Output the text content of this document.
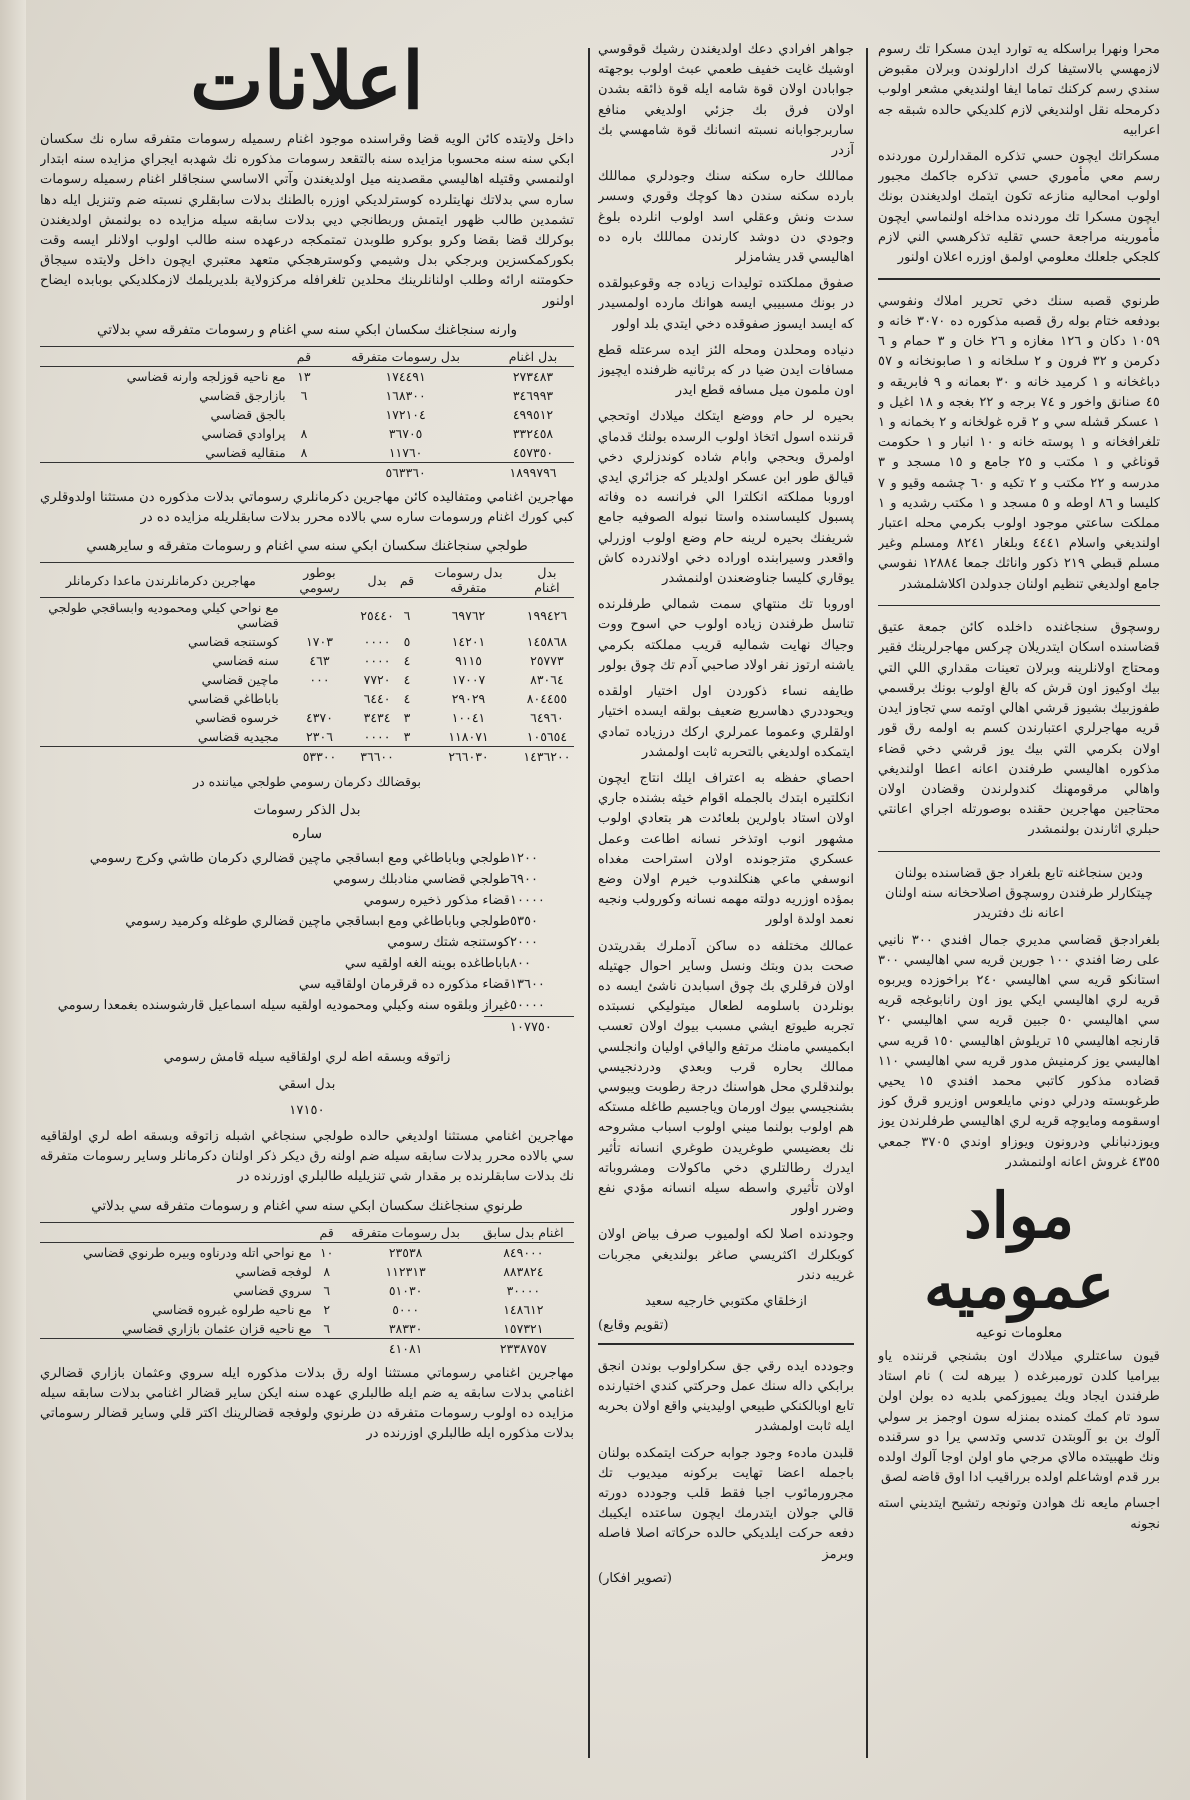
محرا ونهرا براسكله يه توارد ايدن مسكرا تك رسوم لازمهسي بالاستيفا كرك ادارلوندن وبرلان مقبوض سندي رسم كركنك تماما ايفا اولنديغي مشعر اولوب دكرمحله نقل اولنديغي لازم كلديكي حالده شبقه جه اعرابيه

مسكراتك ايچون حسي تذكره المقدارلرن موردنده رسم معي مأموري حسي تذكره جاكمك مجبور اولوب امحاليه منازعه تكون ايتمك اولديغندن بونك ايچون مسكرا تك موردنده مداخله اولنماسي ايچون مأمورينه مراجعة حسي تقليه تذكرهسي الني لازم كلجكي جلعلك معلومي اولمق اوزره اعلان اولنور

طرنوي قصبه سنك دخي تحرير املاك ونفوسي بودفعه ختام بوله رق قصبه مذكوره ده ٣٠٧٠ خانه و ١٠٥٩ دكان و ١٢٦ مغازه و ٢٦ خان و ٣ حمام و ٦ دكرمن و ٣٢ فرون و ٢ سلخانه و ١ صابونخانه و ٥٧ دباغخانه و ١ كرميد خانه و ٣٠ بعمانه و ٩ فابريقه و ٤٥ صنانق واخور و ٧٤ برجه و ٢٢ بغجه و ١٨ اغيل و ١ عسكر قشله سي و ٢ قره غولخانه و ٢ بخمانه و ١ تلغرافخانه و ١ پوسته خانه و ١٠ انبار و ١ حكومت قوناغي و ١ مكتب و ٢٥ جامع و ١٥ مسجد و ٣ مدرسه و ٢٢ مكتب و ٢ تكيه و ٦٠ چشمه وقيو و ٧ كليسا و ٨٦ اوطه و ٥ مسجد و ١ مكتب رشديه و ١ مملكت ساعتي موجود اولوب بكرمي محله اعتبار اولنديغي واسلام ٤٤٤١ وبلغار ٨٢٤١ ومسلم وغير مسلم قبطي ٢١٩ ذكور واناثك جمعا ١٢٨٨٤ نفوسي جامع اولديغي تنظيم اولنان جدولدن اكلاشلمشدر

روسچوق سنجاغنده داخلده كائن جمعة عتيق قضاسنده اسكان ايتدريلان چركس مهاجرلرينك فقير ومحتاج اولانلرينه وبرلان تعينات مقداري اللي التي بيك اوكيوز اون قرش كه بالغ اولوب بونك برقسمي طفوزبيك بشيوز قرشي اهالي اوتمه سي تجاوز ايدن قريه مهاجرلري اعتبارندن كسم به اولمه رق قور اولان بكرمي التي بيك يوز قرشي دخي قضاء مذكوره اهاليسي طرفندن اعانه اعطا اولنديغي واهالي مرقومهنك كندولرندن وقضادن اولان محتاجين مهاجرين حقنده بوصورتله اجراي اعانتي حبلري اثارندن بولنمشدر

ودين سنجاغنه تابع بلغراد جق قضاسنده بولنان چيتكارلر طرفندن روسچوق اصلاحخانه سنه اولنان اعانه نك دفتريدر

بلغرادجق قضاسي مديري جمال افندي ٣٠٠ نانيي على رضا افندي ١٠٠ جورين قريه سي اهاليسي ٣٠٠ استانكو قريه سي اهاليسي ٢٤٠ براخوزده ويربوه قريه لري اهاليسي ايكي يوز اون رانابوغجه قريه سي اهاليسي ٥٠ جبين قريه سي اهاليسي ٢٠ قارنجه اهاليسي ١٥ تريلوش اهاليسي ١٥٠ قريه سي اهاليسي يوز كرمنيش مدور قريه سي اهاليسي ١١٠ قضاده مذكور كاتبي محمد افندي ١٥ يحيي طرغوبسته ودرلي دوني مايلعوس اوزيرو قرق كوز اوسقومه ومايوچه قريه لري اهاليسي طرفلرندن يوز ويوزدنبانلي ودرونون ويوزاو اوندي ٣٧٠٥ جمعي ٤٣٥٥ غروش اعانه اولنمشدر

مواد عموميه
معلومات نوعيه

قيون ساعتلري ميلادك اون بشنجي قرننده ياو بيراميا كلدن تورمبرغده ( بيرهه لت ) نام استاد طرفندن ايجاد ويك يميوزكمي بلديه ده بولن اولن سود تام كمك كمنده بمنزله سون اوجمز بر سولي آلوك بن بو آلوبتدن تدسي وتدسي يرا دو سرقنده ونك طهبيتده مالاي مرجي ماو اولن اوجا آلوك اولده برر قدم اوشاعلم اولده برراقيب ادا اوق قاضه لصق

اجسام مايعه نك هوادن وتونجه رتشيح ايتديني استه نجونه

جواهر افرادي دعك اولديغندن رشيك قوقوسي اوشيك غايت خفيف طعمي عبث اولوب بوجهته جوابادن اولان قوة شامه ايله قوة ذائقه بشدن اولان فرق بك جزئي اولديغي منافع ساربرجوابانه نسبته انسانك قوة شامهسي بك آزدر

مماللك حاره سكنه سنك وجودلري مماللك بارده سكنه سندن دها كوچك وقوري وسسر سدت ونش وعقلي اسد اولوب انلرده بلوغ وجودي دن دوشد كارندن مماللك باره ده اهاليسي قدر يشامزلر

صفوق مملكتده توليدات زياده جه وقوعبولقده در بونك مسبيبي ايسه هوانك مارده اولمسيدر كه ايسد ايسوز صفوقده دخي ايتدي بلد اولور

دنياده ومحلدن ومحله الئز ايده سرعتله قطع مسافات ايدن ضيا در كه برثانيه ظرفنده ايچيوز اون ملمون ميل مسافه قطع ايدر

بحيره لر حام ووضع ايتكك ميلادك اوتحجي قرننده اسول اتخاذ اولوب الرسده بولنك قدماي اولمرق وبحجي وابام شاده كوندزلري دخي قيالق طور ابن عسكر اولديلر كه جزائري ايدي اوروبا مملكته انكلترا الي فرانسه ده وفاته پسبول كليساسنده واستا نبوله الصوفيه جامع شريفنك بحيره لرينه حام وضع اولوب اوزرلي واقعدر وسيرابنده اوراده دخي اولاندرده كاش يوقاري كليسا جناوضعندن اولنمشدر

اوروبا تك منتهاي سمت شمالي طرفلرنده تناسل طرفندن زياده اولوب حي اسوح ووت وجياك نهايت شماليه قريب مملكته بكرمي ياشنه ارتوز نفر اولاد صاحبي آدم تك چوق بولور

طايفه نساء ذكوردن اول اختيار اولقده ويحوددري دهاسريع ضعيف بولقه ايسده اختيار اولقلري وعموما عمرلري اركك درزياده تمادي ايتمكده اولديغي بالتحربه ثابت اولمشدر

احصاي حفظه به اعتراف ايلك انتاج ايچون انكلتيره ابتدك بالجمله اقوام خيثه بشنده جاري اولان استاد باولرين بلعائدت هر بتعادي اولوب مشهور انوب اوتذخر نسانه اطاعت وعمل عسكري متزجونده اولان استراحت مغداه انوسفي ماعي هنكلندوب خيرم اولان وضع بمؤده اوزريه دولته مهمه نسانه وكورولب ونجيه نعمد اولدة اولور

عمالك مختلفه ده ساكن آدملرك بقدريتدن صحت بدن وبتك ونسل وساير احوال جهتيله اولان فرقلري بك چوق اسبابدن ناشئ ايسه ده بونلردن باسلومه لطعال ميتوليكي نسبتده تجربه طيوتع ايشي مسبب بيوك اولان تعسب ابكميسي مامنك مرتفع واليافي اوليان وانجلسي ممالك بحاره قرب وبعدي ودردنجيسي بولندقلري محل هواسنك درجة رطوبت ويبوسي بشنجيسي بيوك اورمان وياجسيم طاغله مستکه هم اولوب بولنما ميني اولوب اسباب مشروحه نك بعضيسي طوغريدن طوغري انسانه تأثير ايدرك رطالتلري دخي ماكولات ومشروباته اولان تأثيري واسطه سيله انسانه مؤدي نفع وضرر اولور

وجودنده اصلا لكه اولميوب صرف بياض اولان كوبكلرك اكثريسي صاغر بولنديغي مجربات غريبه دندر

ازخلقاي مكتوبي خارجيه سعيد

(تقويم وقايع)

وجودده ايده رقي جق سكراولوب بوندن انجق برابكي داله سنك عمل وحركتي كندي اختيارنده تابع اوبالكنكي طبيعي اوليديني واقع اولان بحربه ايله ثابت اولمشدر

قلبدن مادهء وجود جوابه حركت ايتمكده بولنان باجمله اعضا تهايت بركونه ميديوب تك مجرورمائوب اجبا فقط قلب وجودده دورته قالي جولان ايتدرمك ايچون ساعتده ايكيبك دفعه حركت ايلديكي حالده حركاته اصلا فاصله وبرمز

(تصوير افكار)
اعلانات

داخل ولايتده كائن الويه قضا وقراسنده موجود اغنام رسميله رسومات متفرقه ساره نك سكسان ابكي سنه سنه محسوبا مزايده سنه بالتقعد رسومات مذكوره نك شهدبه ايجراي مزايده سنه ابتدار اولنمسي وقتيله اهاليسي مقصدينه ميل اولديغندن وآتي الاساسي سنجاقلر اغنام رسميله رسومات ساره سي بدلاتك نهايتلرده كوسترلديكي اوزره بالطنك بدلات سابقلري نسبته ضم وتنزيل ايله دها تشمدين طالب ظهور ايتمش وربطانجي ديي بدلات سابقه سيله مزايده ده بولنمش اولديغندن بوكرلك قضا بقضا وكرو بوكرو طلوبدن تمتمكجه درعهده سنه طالب اولوب اولانلر ايسه وقت بكوركمكسزين وبرجكي بدل وشيمي وكوسترهجكي متعهد معتبري ايچون داخل ولايتده سيجاق حكومتنه ارائه وطلب اولنانلرينك محلدين تلغرافله مركزولاية بلديريلمك لازمكلديكي بوبابده ايضاح اولنور

وارنه سنجاغنك سكسان ابكي سنه سي اغنام و رسومات متفرقه سي بدلاتي
بدل اغنام	بدل رسومات متفرقه	قم	
٢٧٣٤٨٣	١٧٤٤٩١	١٣	مع ناحيه قوزلجه وارنه قضاسي
٣٤٦٩٩٣	١٦٨٣٠٠	٦	بازارجق قضاسي
٤٩٩٥١٢	١٧٢١٠٤		بالجق قضاسي
٣٣٢٤٥٨	٣٦٧٠٥	٨	پراوادي قضاسي
٤٥٧٣٥٠	١١٧٦٠	٨	منقاليه قضاسي
١٨٩٩٧٩٦	٥٦٣٣٦٠		

مهاجرين اغنامي ومتفاليده كائن مهاجرين دكرمانلري رسوماتي بدلات مذكوره دن مستثنا اولدوقلري كبي كورك اغنام ورسومات ساره سي بالاده محرر بدلات سابقلريله مزايده ده در

طولجي سنجاغنك سكسان ابكي سنه سي اغنام و رسومات متفرقه و سايرهسي
بدل اغنام	بدل رسومات متفرقه	قم	بدل	بوطور رسومي	مهاجرين دكرمانلرندن ماعدا دكرمانلر
١٩٩٤٢٦	٦٩٧٦٢	٦	٢٥٤٤٠		مع نواحي كيلي ومحموديه وابساقجي طولجي قضاسي
١٤٥٨٦٨	١٤٢٠١	٥	٠٠٠٠	١٧٠٣	كوستنجه قضاسي
٢٥٧٧٣	٩١١٥	٤	٠٠٠٠	٤٦٣	سنه قضاسي
٨٣٠٦٤	١٧٠٠٧	٤	٧٧٢٠	٠٠٠	ماچين قضاسي
٨٠٤٤٥٥	٢٩٠٢٩	٤	٦٤٤٠		باباطاغي قضاسي
٦٤٩٦٠	١٠٠٤١	٣	٣٤٣٤	٤٣٧٠	خرسوه قضاسي
١٠٥٦٥٤	١١٨٠٧١	٣	٠٠٠٠	٢٣٠٦	مجيديه قضاسي
١٤٣٦٢٠٠	٢٦٦٠٣٠		٣٦٦٠٠	٥٣٣٠٠	

بوقضالك دكرمان رسومي طولجي مياننده در

بدل الذكر رسومات
ساره
١٢٠٠
طولجي وباباطاغي ومع ابساقجي ماچين قضالري دكرمان طاشي وكرج رسومي
٦٩٠٠
طولجي قضاسي منادبلك رسومي
١٠٠٠٠
قضاء مذكور ذخيره رسومي
٥٣٥٠
طولجي وباباطاغي ومع ابساقجي ماچين قضالري طوغله وكرميد رسومي
٢٠٠٠
كوستنجه شتك رسومي
٨٠٠
باباطاغده بوينه الغه اولقيه سي
١٣٦٠٠
قضاء مذكوره ده قرقرمان اولقاقيه سي
٥٠٠٠٠
غيراز وبلقوه سنه وكيلي ومحموديه اولقيه سيله اسماعيل قارشوسنده بغمعدا رسومي
١٠٧٧٥٠

زاتوقه وبسقه اطه لري اولقاقيه سيله قامش رسومي

بدل اسقي

١٧١٥٠

مهاجرين اغنامي مستثنا اولديغي حالده طولجي سنجاغي اشبله زاتوقه وبسقه اطه لري اولقاقيه سي بالاده محرر بدلات سابقه سيله ضم اولنه رق ديكر ذكر اولنان دكرمانلر وساير رسومات متفرقه نك بدلات سابقلرنده بر مقدار شي تنزيليله طالبلري اوزرنده در

طرنوي سنجاغنك سكسان ابكي سنه سي اغنام و رسومات متفرقه سي بدلاتي
اغنام بدل سابق	بدل رسومات متفرقه	قم	
٨٤٩٠٠٠	٢٣٥٣٨	١٠	مع نواحي اتله ودرناوه وبيره طرنوي قضاسي
٨٨٣٨٢٤	١١٢٣١٣	٨	لوفجه قضاسي
٣٠٠٠٠	٥١٠٣٠	٦	سروي قضاسي
١٤٨٦١٢	٥٠٠٠	٢	مع ناحيه طرلوه غبروه قضاسي
١٥٧٣٢١	٣٨٣٣٠	٦	مع ناحيه قزان عثمان بازاري قضاسي
٢٣٣٨٧٥٧	٤١٠٨١		

مهاجرين اغنامي رسوماتي مستثنا اوله رق بدلات مذكوره ايله سروي وعثمان بازاري قضالري اغنامي بدلات سابقه يه ضم ايله طالبلري عهده سنه ايكن ساير قضالر اغنامي بدلات سابقه سيله مزايده ده اولوب رسومات متفرقه دن طرنوي ولوفجه قضالرينك اكتر قلي وساير قضالر رسوماتي بدلات مذكوره ايله طالبلري اوزرنده در
